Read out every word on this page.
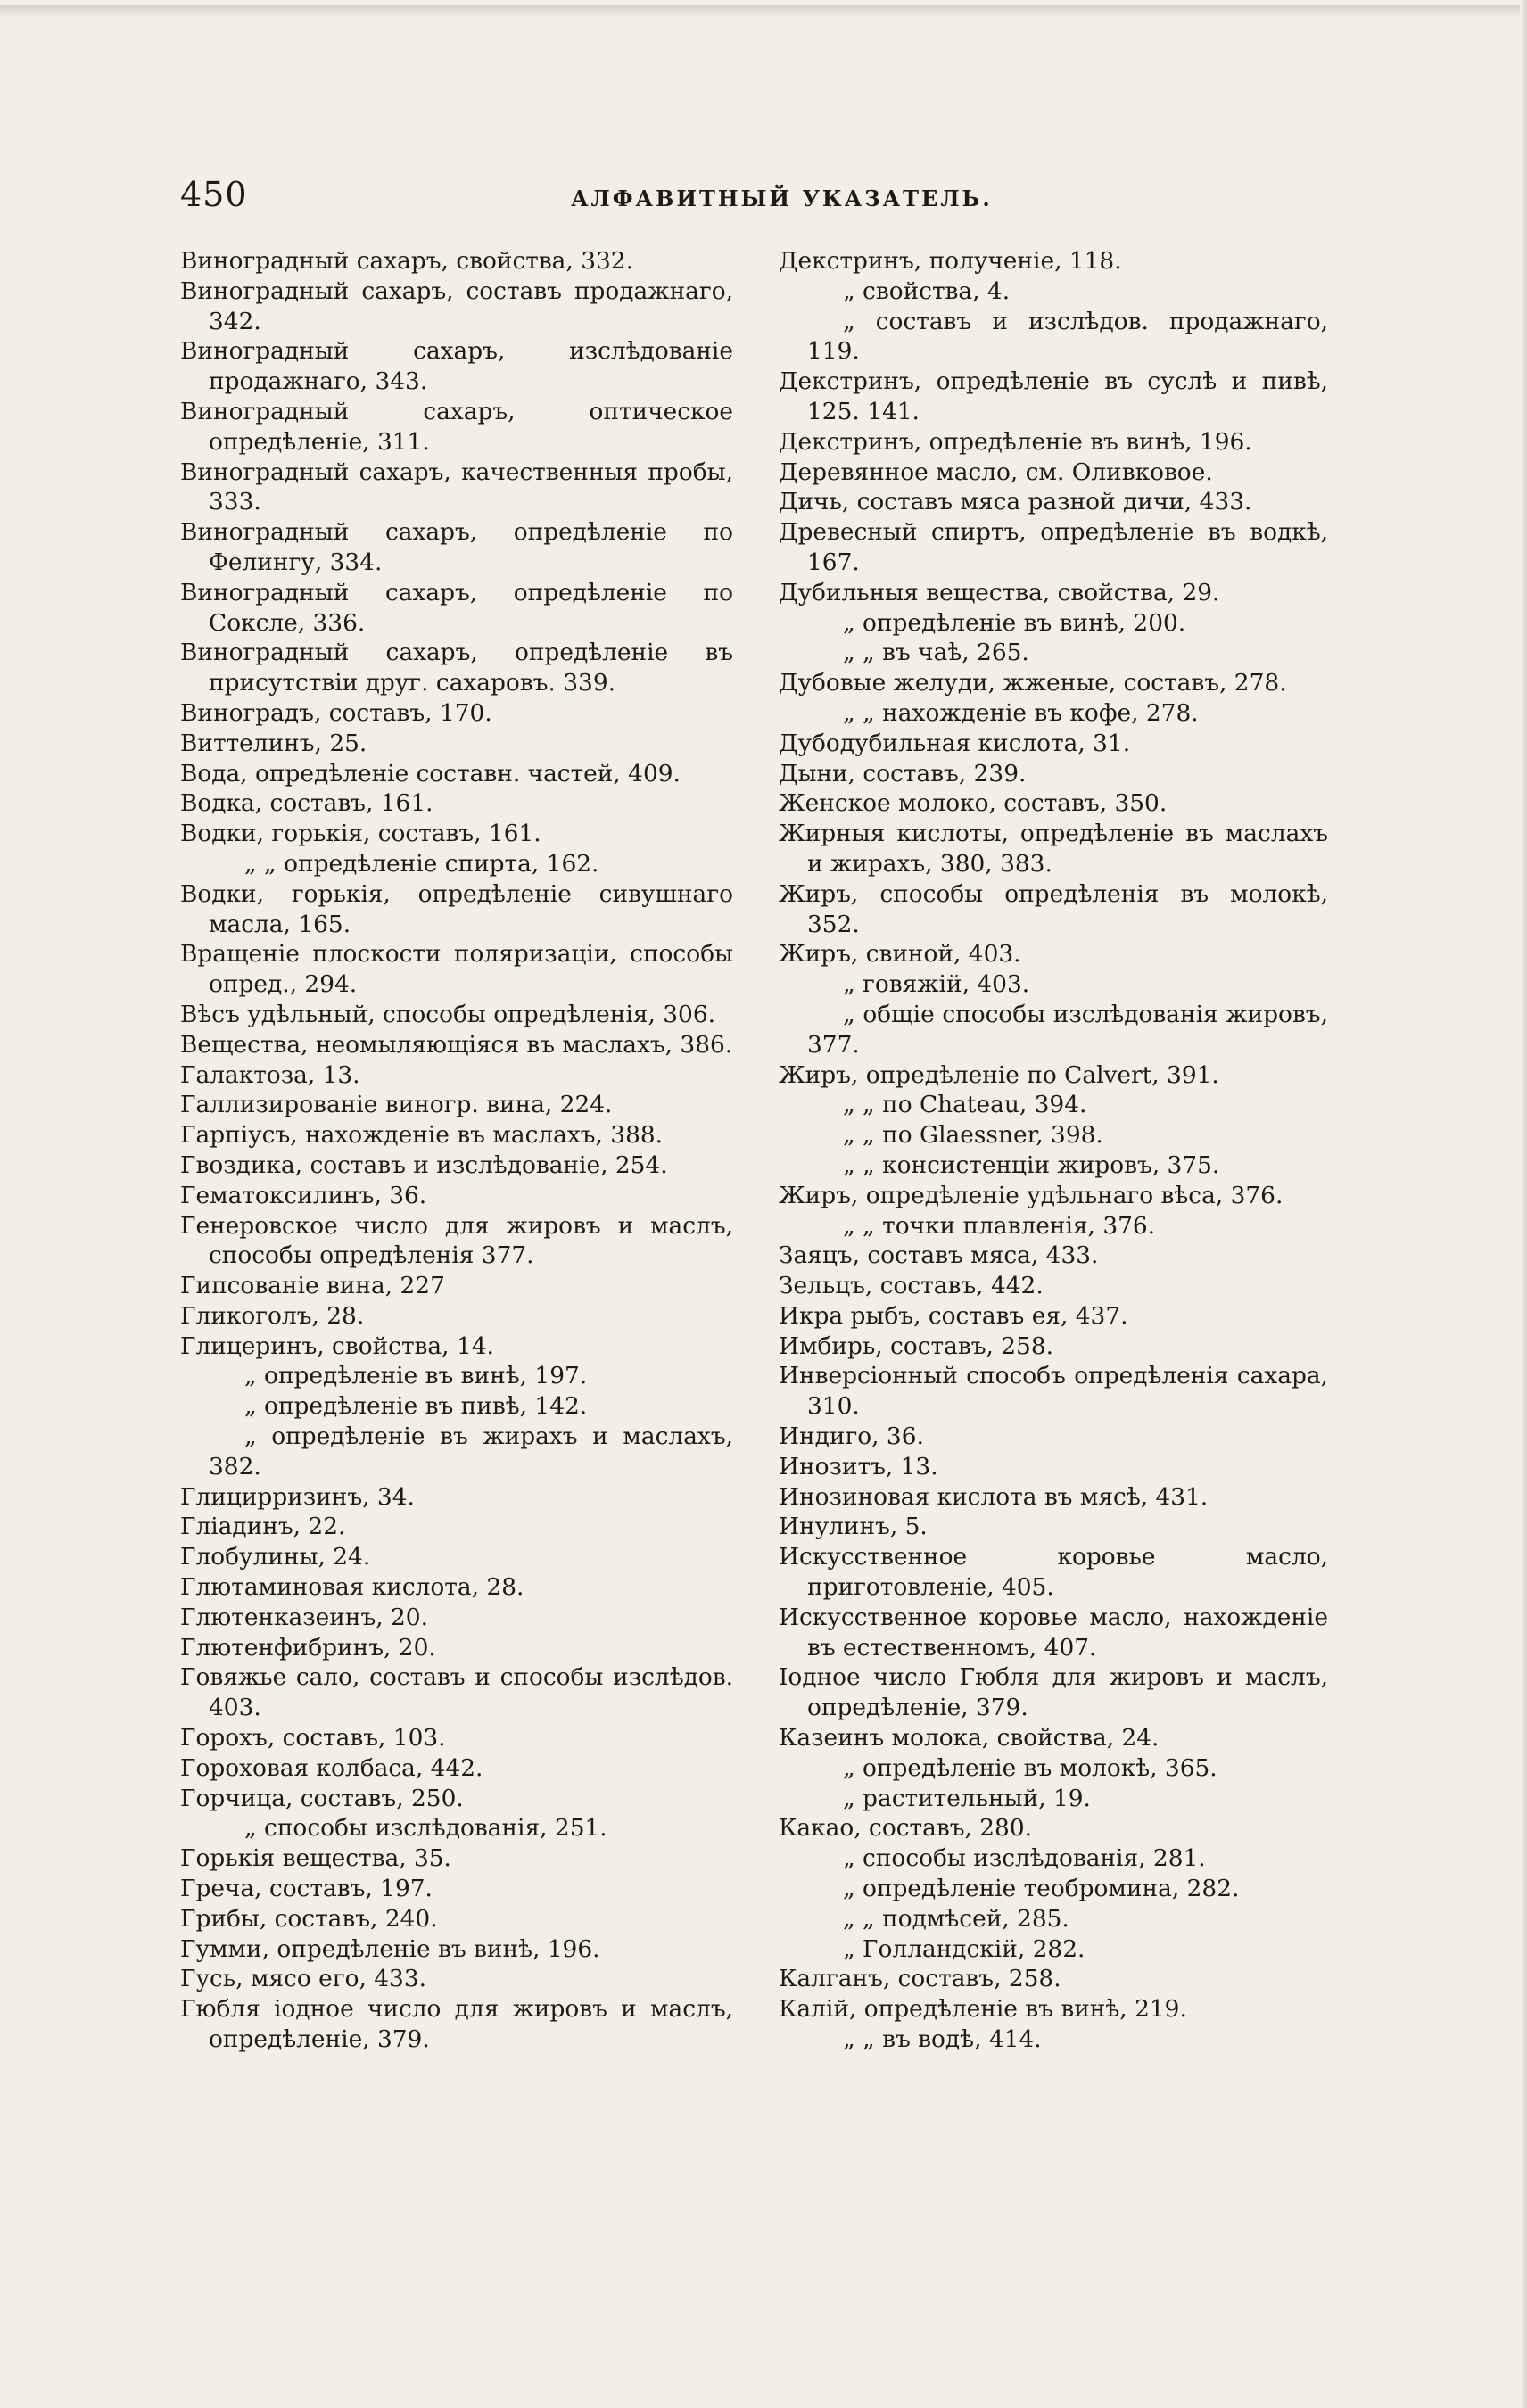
450	АЛФАВИТНЫЙ УКАЗАТЕЛЬ.
Виноградный сахаръ, свойства, 332.
Виноградный сахаръ, составъ продажнаго, 342.
Виноградный сахаръ, изслѣдованіе продажнаго, 343.
Виноградный сахаръ, оптическое опредѣленіе, 311.
Виноградный сахаръ, качественныя пробы, 333.
Виноградный сахаръ, опредѣленіе по Фелингу, 334.
Виноградный сахаръ, опредѣленіе по Соксле, 336.
Виноградный сахаръ, опредѣленіе въ присутствіи друг. сахаровъ. 339.
Виноградъ, составъ, 170.
Виттелинъ, 25.
Вода, опредѣленіе составн. частей, 409.
Водка, составъ, 161.
Водки, горькія, составъ, 161.
„ „ опредѣленіе спирта, 162.
Водки, горькія, опредѣленіе сивушнаго масла, 165.
Вращеніе плоскости поляризаціи, способы опред., 294.
Вѣсъ удѣльный, способы опредѣленія, 306.
Вещества, неомыляющіяся въ маслахъ, 386.
Галактоза, 13.
Галлизированіе виногр. вина, 224.
Гарпіусъ, нахожденіе въ маслахъ, 388.
Гвоздика, составъ и изслѣдованіе, 254.
Гематоксилинъ, 36.
Генеровское число для жировъ и маслъ, способы опредѣленія 377.
Гипсованіе вина, 227
Гликоголъ, 28.
Глицеринъ, свойства, 14.
„ опредѣленіе въ винѣ, 197.
„ опредѣленіе въ пивѣ, 142.
„ опредѣленіе въ жирахъ и маслахъ, 382.
Глицирризинъ, 34.
Гліадинъ, 22.
Глобулины, 24.
Глютаминовая кислота, 28.
Глютенказеинъ, 20.
Глютенфибринъ, 20.
Говяжье сало, составъ и способы изслѣдов. 403.
Горохъ, составъ, 103.
Гороховая колбаса, 442.
Горчица, составъ, 250.
„ способы изслѣдованія, 251.
Горькія вещества, 35.
Греча, составъ, 197.
Грибы, составъ, 240.
Гумми, опредѣленіе въ винѣ, 196.
Гусь, мясо его, 433.
Гюбля іодное число для жировъ и маслъ, опредѣленіе, 379.
Декстринъ, полученіе, 118.
„ свойства, 4.
„ составъ и изслѣдов. продажнаго, 119.
Декстринъ, опредѣленіе въ суслѣ и пивѣ, 125. 141.
Декстринъ, опредѣленіе въ винѣ, 196.
Деревянное масло, см. Оливковое.
Дичь, составъ мяса разной дичи, 433.
Древесный спиртъ, опредѣленіе въ водкѣ, 167.
Дубильныя вещества, свойства, 29.
„ опредѣленіе въ винѣ, 200.
„ „ въ чаѣ, 265.
Дубовые желуди, жженые, составъ, 278.
„ „ нахожденіе въ кофе, 278.
Дубодубильная кислота, 31.
Дыни, составъ, 239.
Женское молоко, составъ, 350.
Жирныя кислоты, опредѣленіе въ маслахъ и жирахъ, 380, 383.
Жиръ, способы опредѣленія въ молокѣ, 352.
Жиръ, свиной, 403.
„ говяжій, 403.
„ общіе способы изслѣдованія жировъ, 377.
Жиръ, опредѣленіе по Calvert, 391.
„ „ по Chateau, 394.
„ „ по Glaessner, 398.
„ „ консистенціи жировъ, 375.
Жиръ, опредѣленіе удѣльнаго вѣса, 376.
„ „ точки плавленія, 376.
Заяцъ, составъ мяса, 433.
Зельцъ, составъ, 442.
Икра рыбъ, составъ ея, 437.
Имбирь, составъ, 258.
Инверсіонный способъ опредѣленія сахара, 310.
Индиго, 36.
Инозитъ, 13.
Инозиновая кислота въ мясѣ, 431.
Инулинъ, 5.
Искусственное коровье масло, приготовленіе, 405.
Искусственное коровье масло, нахожденіе въ естественномъ, 407.
Іодное число Гюбля для жировъ и маслъ, опредѣленіе, 379.
Казеинъ молока, свойства, 24.
„ опредѣленіе въ молокѣ, 365.
„ растительный, 19.
Какао, составъ, 280.
„ способы изслѣдованія, 281.
„ опредѣленіе теобромина, 282.
„ „ подмѣсей, 285.
„ Голландскій, 282.
Калганъ, составъ, 258.
Калій, опредѣленіе въ винѣ, 219.
„ „ въ водѣ, 414.
